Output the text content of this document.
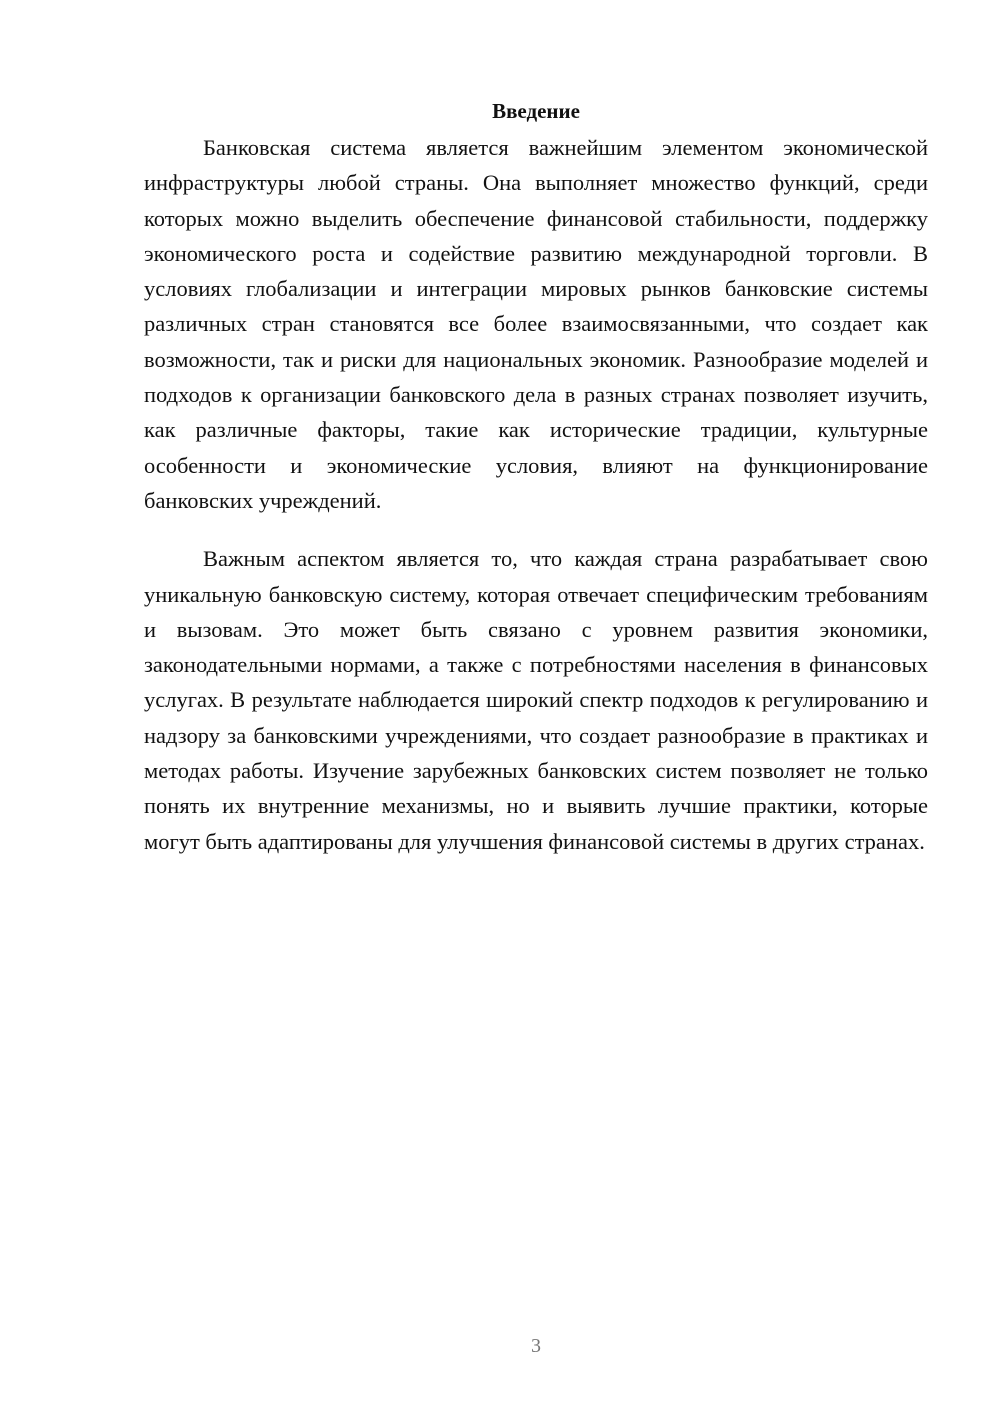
Введение

Банковская система является важнейшим элементом экономической инфраструктуры любой страны. Она выполняет множество функций, среди которых можно выделить обеспечение финансовой стабильности, поддержку экономического роста и содействие развитию международной торговли. В условиях глобализации и интеграции мировых рынков банковские системы различных стран становятся все более взаимосвязанными, что создает как возможности, так и риски для национальных экономик. Разнообразие моделей и подходов к организации банковского дела в разных странах позволяет изучить, как различные факторы, такие как исторические традиции, культурные особенности и экономические условия, влияют на функционирование банковских учреждений.

Важным аспектом является то, что каждая страна разрабатывает свою уникальную банковскую систему, которая отвечает специфическим требованиям и вызовам. Это может быть связано с уровнем развития экономики, законодательными нормами, а также с потребностями населения в финансовых услугах. В результате наблюдается широкий спектр подходов к регулированию и надзору за банковскими учреждениями, что создает разнообразие в практиках и методах работы. Изучение зарубежных банковских систем позволяет не только понять их внутренние механизмы, но и выявить лучшие практики, которые могут быть адаптированы для улучшения финансовой системы в других странах.

3
